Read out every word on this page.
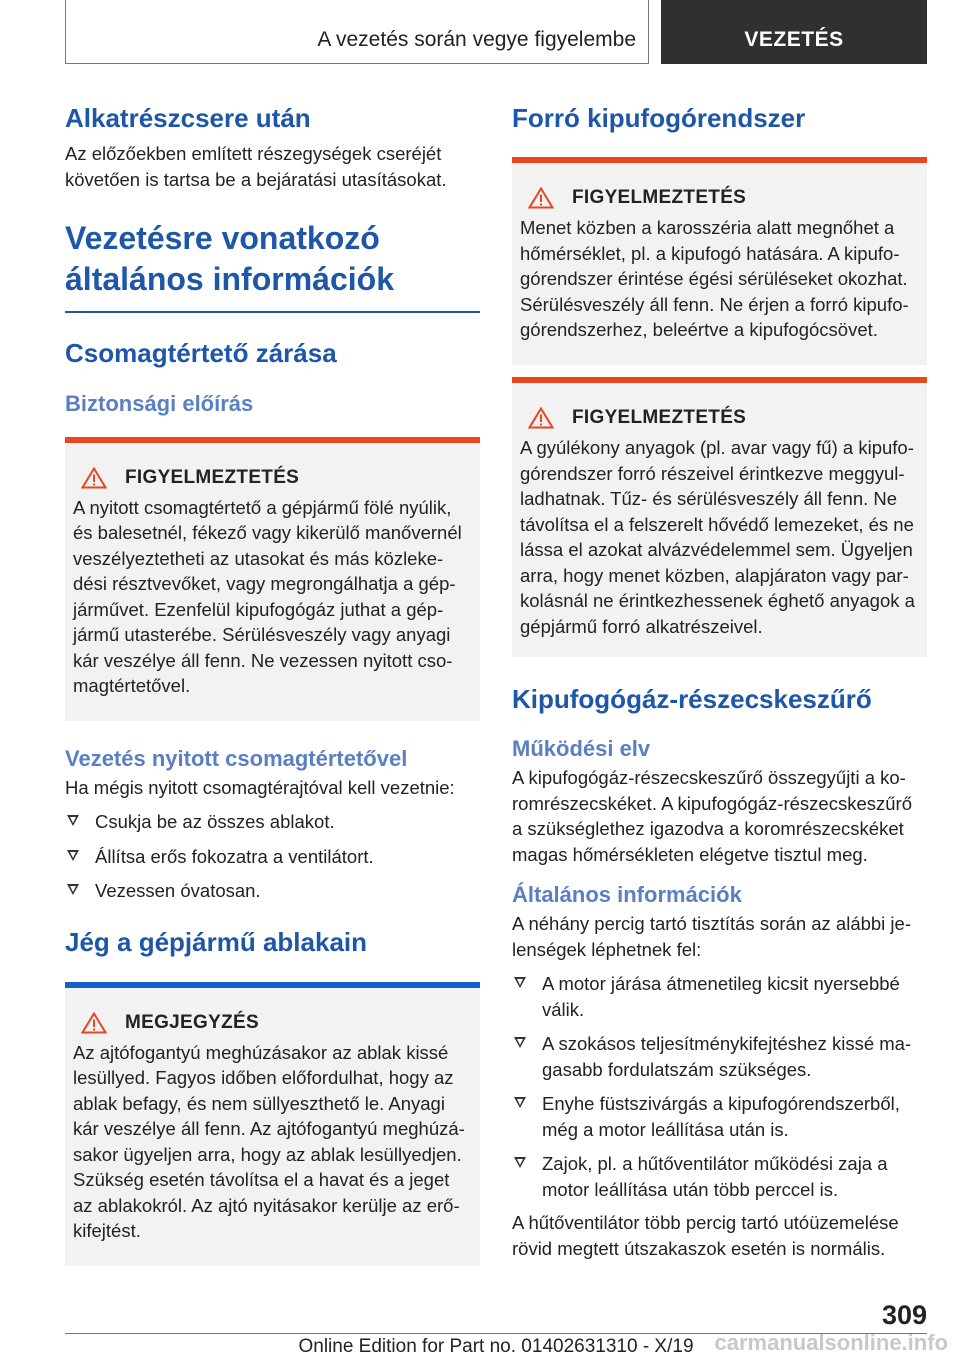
A vezetés során vegye figyelembe	VEZETÉS
Alkatrészcsere után
Az előzőekben említett részegységek cseréjét követően is tartsa be a bejáratási utasításokat.
Vezetésre vonatkozó általános információk
Csomagtértető zárása
Biztonsági előírás
FIGYELMEZTETÉS
A nyitott csomagtértető a gépjármű fölé nyúlik, és balesetnél, fékező vagy kikerülő manővernél veszélyeztetheti az utasokat és más közleke-dési résztvevőket, vagy megrongálhatja a gép-járművet. Ezenfelül kipufogógáz juthat a gép-jármű utasterébe. Sérülésveszély vagy anyagi kár veszélye áll fenn. Ne vezessen nyitott cso-magtértetővel.
Vezetés nyitott csomagtértetővel
Ha mégis nyitott csomagtérajtóval kell vezetnie:
Csukja be az összes ablakot.
Állítsa erős fokozatra a ventilátort.
Vezessen óvatosan.
Jég a gépjármű ablakain
MEGJEGYZÉS
Az ajtófogantyú meghúzásakor az ablak kissé lesüllyed. Fagyos időben előfordulhat, hogy az ablak befagy, és nem süllyeszthető le. Anyagi kár veszélye áll fenn. Az ajtófogantyú meghúzá-sakor ügyeljen arra, hogy az ablak lesüllyedjen. Szükség esetén távolítsa el a havat és a jeget az ablakokról. Az ajtó nyitásakor kerülje az erő-kifejtést.
Forró kipufogórendszer
FIGYELMEZTETÉS
Menet közben a karosszéria alatt megnőhet a hőmérséklet, pl. a kipufogó hatására. A kipufo-górendszer érintése égési sérüléseket okozhat. Sérülésveszély áll fenn. Ne érjen a forró kipufo-górendszerhez, beleértve a kipufogócsövet.
FIGYELMEZTETÉS
A gyúlékony anyagok (pl. avar vagy fű) a kipufo-górendszer forró részeivel érintkezve meggyul-ladhatnak. Tűz- és sérülésveszély áll fenn. Ne távolítsa el a felszerelt hővédő lemezeket, és ne lássa el azokat alvázvédelemmel sem. Ügyeljen arra, hogy menet közben, alapjáraton vagy par-kolásnál ne érintkezhessenek éghető anyagok a gépjármű forró alkatrészeivel.
Kipufogógáz-részecskeszűrő
Működési elv
A kipufogógáz-részecskeszűrő összegyűjti a ko-romrészecskéket. A kipufogógáz-részecskeszűrő a szükséglethez igazodva a koromrészecskéket magas hőmérsékleten elégetve tisztul meg.
Általános információk
A néhány percig tartó tisztítás során az alábbi je-lenségek léphetnek fel:
A motor járása átmenetileg kicsit nyersebbé válik.
A szokásos teljesítménykifejtéshez kissé ma-gasabb fordulatszám szükséges.
Enyhe füstszivárgás a kipufogórendszerből, még a motor leállítása után is.
Zajok, pl. a hűtőventilátor működési zaja a motor leállítása után több perccel is.
A hűtőventilátor több percig tartó utóüzemelése rövid megtett útszakaszok esetén is normális.
309
Online Edition for Part no. 01402631310 - X/19 carmanualsonline.info
